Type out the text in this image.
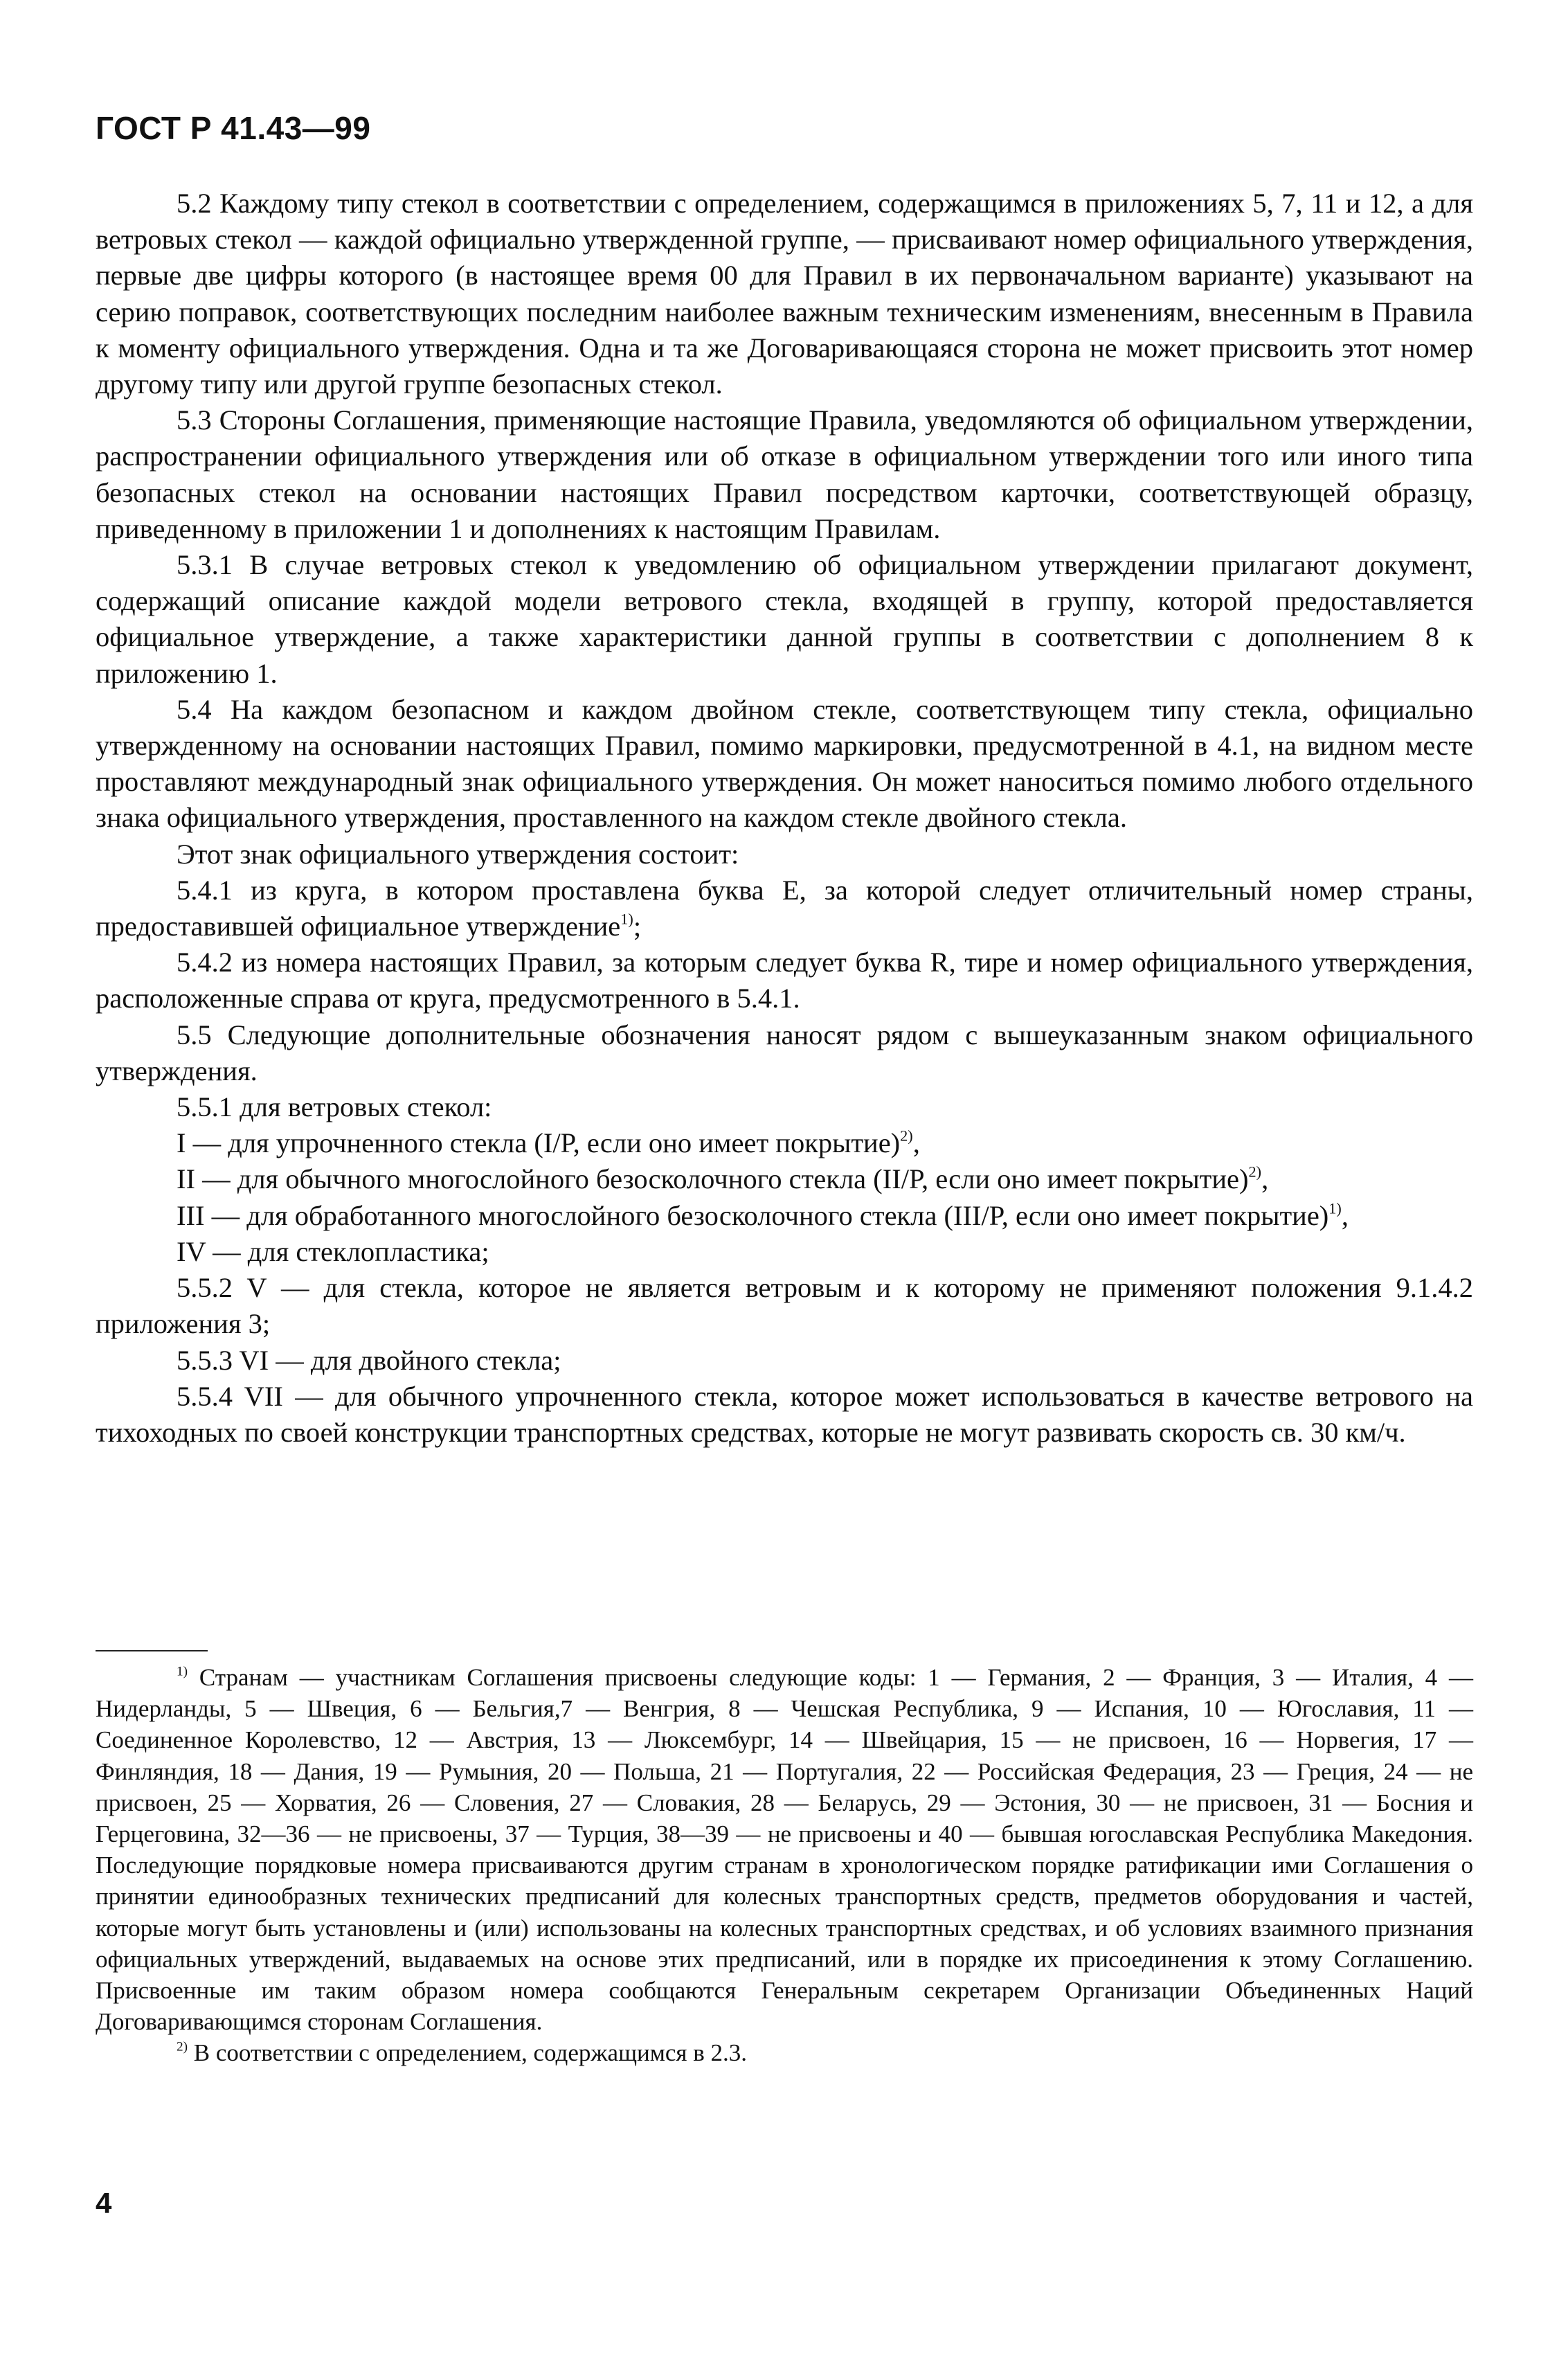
ГОСТ Р 41.43—99

5.2 Каждому типу стекол в соответствии с определением, содержащимся в приложениях 5, 7, 11 и 12, а для ветровых стекол — каждой официально утвержденной группе, — присваивают номер официального утверждения, первые две цифры которого (в настоящее время 00 для Правил в их первоначальном варианте) указывают на серию поправок, соответствующих последним наиболее важным техническим изменениям, внесенным в Правила к моменту официального утверждения. Одна и та же Договаривающаяся сторона не может присвоить этот номер другому типу или другой группе безопасных стекол.

5.3 Стороны Соглашения, применяющие настоящие Правила, уведомляются об официальном утверждении, распространении официального утверждения или об отказе в официальном утверждении того или иного типа безопасных стекол на основании настоящих Правил посредством карточки, соответствующей образцу, приведенному в приложении 1 и дополнениях к настоящим Правилам.

5.3.1 В случае ветровых стекол к уведомлению об официальном утверждении прилагают документ, содержащий описание каждой модели ветрового стекла, входящей в группу, которой предоставляется официальное утверждение, а также характеристики данной группы в соответствии с дополнением 8 к приложению 1.

5.4 На каждом безопасном и каждом двойном стекле, соответствующем типу стекла, официально утвержденному на основании настоящих Правил, помимо маркировки, предусмотренной в 4.1, на видном месте проставляют международный знак официального утверждения. Он может наноситься помимо любого отдельного знака официального утверждения, проставленного на каждом стекле двойного стекла.

Этот знак официального утверждения состоит:

5.4.1 из круга, в котором проставлена буква Е, за которой следует отличительный номер страны, предоставившей официальное утверждение$^{1)}$;

5.4.2 из номера настоящих Правил, за которым следует буква R, тире и номер официального утверждения, расположенные справа от круга, предусмотренного в 5.4.1.

5.5 Следующие дополнительные обозначения наносят рядом с вышеуказанным знаком официального утверждения.

5.5.1 для ветровых стекол:

I — для упрочненного стекла (I/P, если оно имеет покрытие)$^{2)}$,

II — для обычного многослойного безосколочного стекла (II/P, если оно имеет покрытие)$^{2)}$,

III — для обработанного многослойного безосколочного стекла (III/P, если оно имеет покрытие)$^{1)}$,

IV — для стеклопластика;

5.5.2 V — для стекла, которое не является ветровым и к которому не применяют положения 9.1.4.2 приложения 3;

5.5.3 VI — для двойного стекла;

5.5.4 VII — для обычного упрочненного стекла, которое может использоваться в качестве ветрового на тихоходных по своей конструкции транспортных средствах, которые не могут развивать скорость св. 30 км/ч.

$^{1)}$ Странам — участникам Соглашения присвоены следующие коды: 1 — Германия, 2 — Франция, 3 — Италия, 4 — Нидерланды, 5 — Швеция, 6 — Бельгия,7 — Венгрия, 8 — Чешская Республика, 9 — Испания, 10 — Югославия, 11 — Соединенное Королевство, 12 — Австрия, 13 — Люксембург, 14 — Швейцария, 15 — не присвоен, 16 — Норвегия, 17 — Финляндия, 18 — Дания, 19 — Румыния, 20 — Польша, 21 — Португалия, 22 — Российская Федерация, 23 — Греция, 24 — не присвоен, 25 — Хорватия, 26 — Словения, 27 — Словакия, 28 — Беларусь, 29 — Эстония, 30 — не присвоен, 31 — Босния и Герцеговина, 32—36 — не присвоены, 37 — Турция, 38—39 — не присвоены и 40 — бывшая югославская Республика Македония. Последующие порядковые номера присваиваются другим странам в хронологическом порядке ратификации ими Соглашения о принятии единообразных технических предписаний для колесных транспортных средств, предметов оборудования и частей, которые могут быть установлены и (или) использованы на колесных транспортных средствах, и об условиях взаимного признания официальных утверждений, выдаваемых на основе этих предписаний, или в порядке их присоединения к этому Соглашению. Присвоенные им таким образом номера сообщаются Генеральным секретарем Организации Объединенных Наций Договаривающимся сторонам Соглашения.

$^{2)}$ В соответствии с определением, содержащимся в 2.3.

4
